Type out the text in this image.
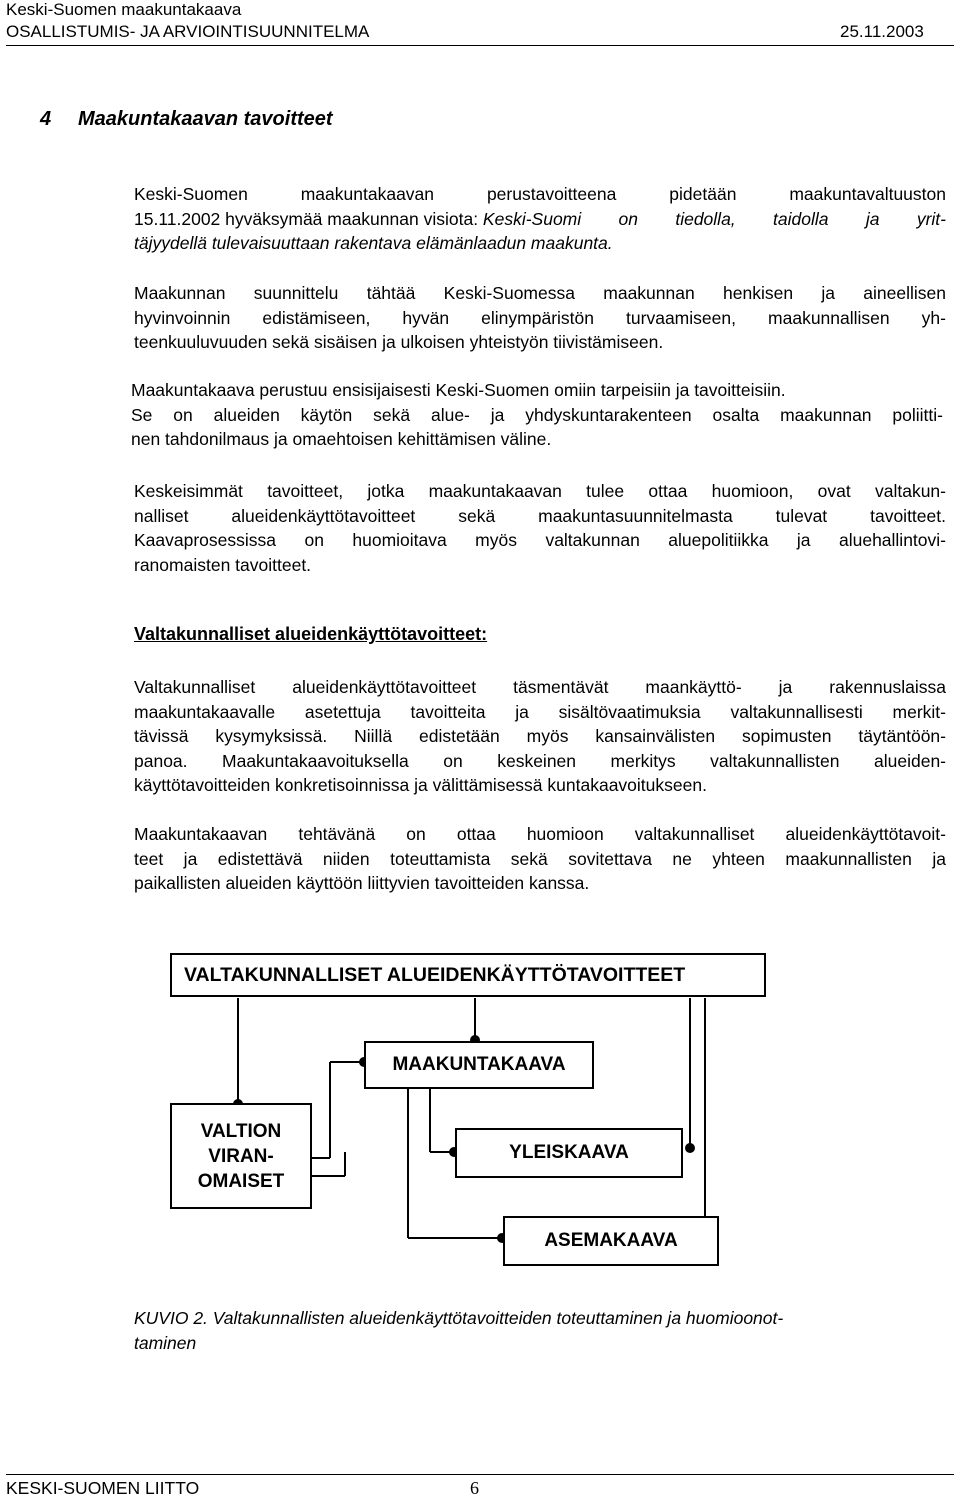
Keski-Suomen maakuntakaava
OSALLISTUMIS- JA ARVIOINTISUUNNITELMA	25.11.2003
4 Maakuntakaavan tavoitteet
Keski-Suomen maakuntakaavan perustavoitteena pidetään maakuntavaltuuston
15.11.2002 hyväksymää maakunnan visiota: Keski-Suomi on tiedolla, taidolla ja yrit-
täjyydellä tulevaisuuttaan rakentava elämänlaadun maakunta.
Maakunnan suunnittelu tähtää Keski-Suomessa maakunnan henkisen ja aineellisen
hyvinvoinnin edistämiseen, hyvän elinympäristön turvaamiseen, maakunnallisen yh-
teenkuuluvuuden sekä sisäisen ja ulkoisen yhteistyön tiivistämiseen.
Maakuntakaava perustuu ensisijaisesti Keski-Suomen omiin tarpeisiin ja tavoitteisiin.
Se on alueiden käytön sekä alue- ja yhdyskuntarakenteen osalta maakunnan poliitti-
nen tahdonilmaus ja omaehtoisen kehittämisen väline.
Keskeisimmät tavoitteet, jotka maakuntakaavan tulee ottaa huomioon, ovat valtakun-
nalliset alueidenkäyttötavoitteet sekä maakuntasuunnitelmasta tulevat tavoitteet.
Kaavaprosessissa on huomioitava myös valtakunnan aluepolitiikka ja aluehallintovi-
ranomaisten tavoitteet.
Valtakunnalliset alueidenkäyttötavoitteet:
Valtakunnalliset alueidenkäyttötavoitteet täsmentävät maankäyttö- ja rakennuslaissa
maakuntakaavalle asetettuja tavoitteita ja sisältövaatimuksia valtakunnallisesti merkit-
tävissä kysymyksissä. Niillä edistetään myös kansainvälisten sopimusten täytäntöön-
panoa. Maakuntakaavoituksella on keskeinen merkitys valtakunnallisten alueiden-
käyttötavoitteiden konkretisoinnissa ja välittämisessä kuntakaavoitukseen.
Maakuntakaavan tehtävänä on ottaa huomioon valtakunnalliset alueidenkäyttötavoit-
teet ja edistettävä niiden toteuttamista sekä sovitettava ne yhteen maakunnallisten ja
paikallisten alueiden käyttöön liittyvien tavoitteiden kanssa.
VALTAKUNNALLISET ALUEIDENKÄYTTÖTAVOITTEET
MAAKUNTAKAAVA
VALTION
VIRAN-
OMAISET
YLEISKAAVA
ASEMAKAAVA
KUVIO 2. Valtakunnallisten alueidenkäyttötavoitteiden toteuttaminen ja huomioonot-
taminen
KESKI-SUOMEN LIITTO	6
